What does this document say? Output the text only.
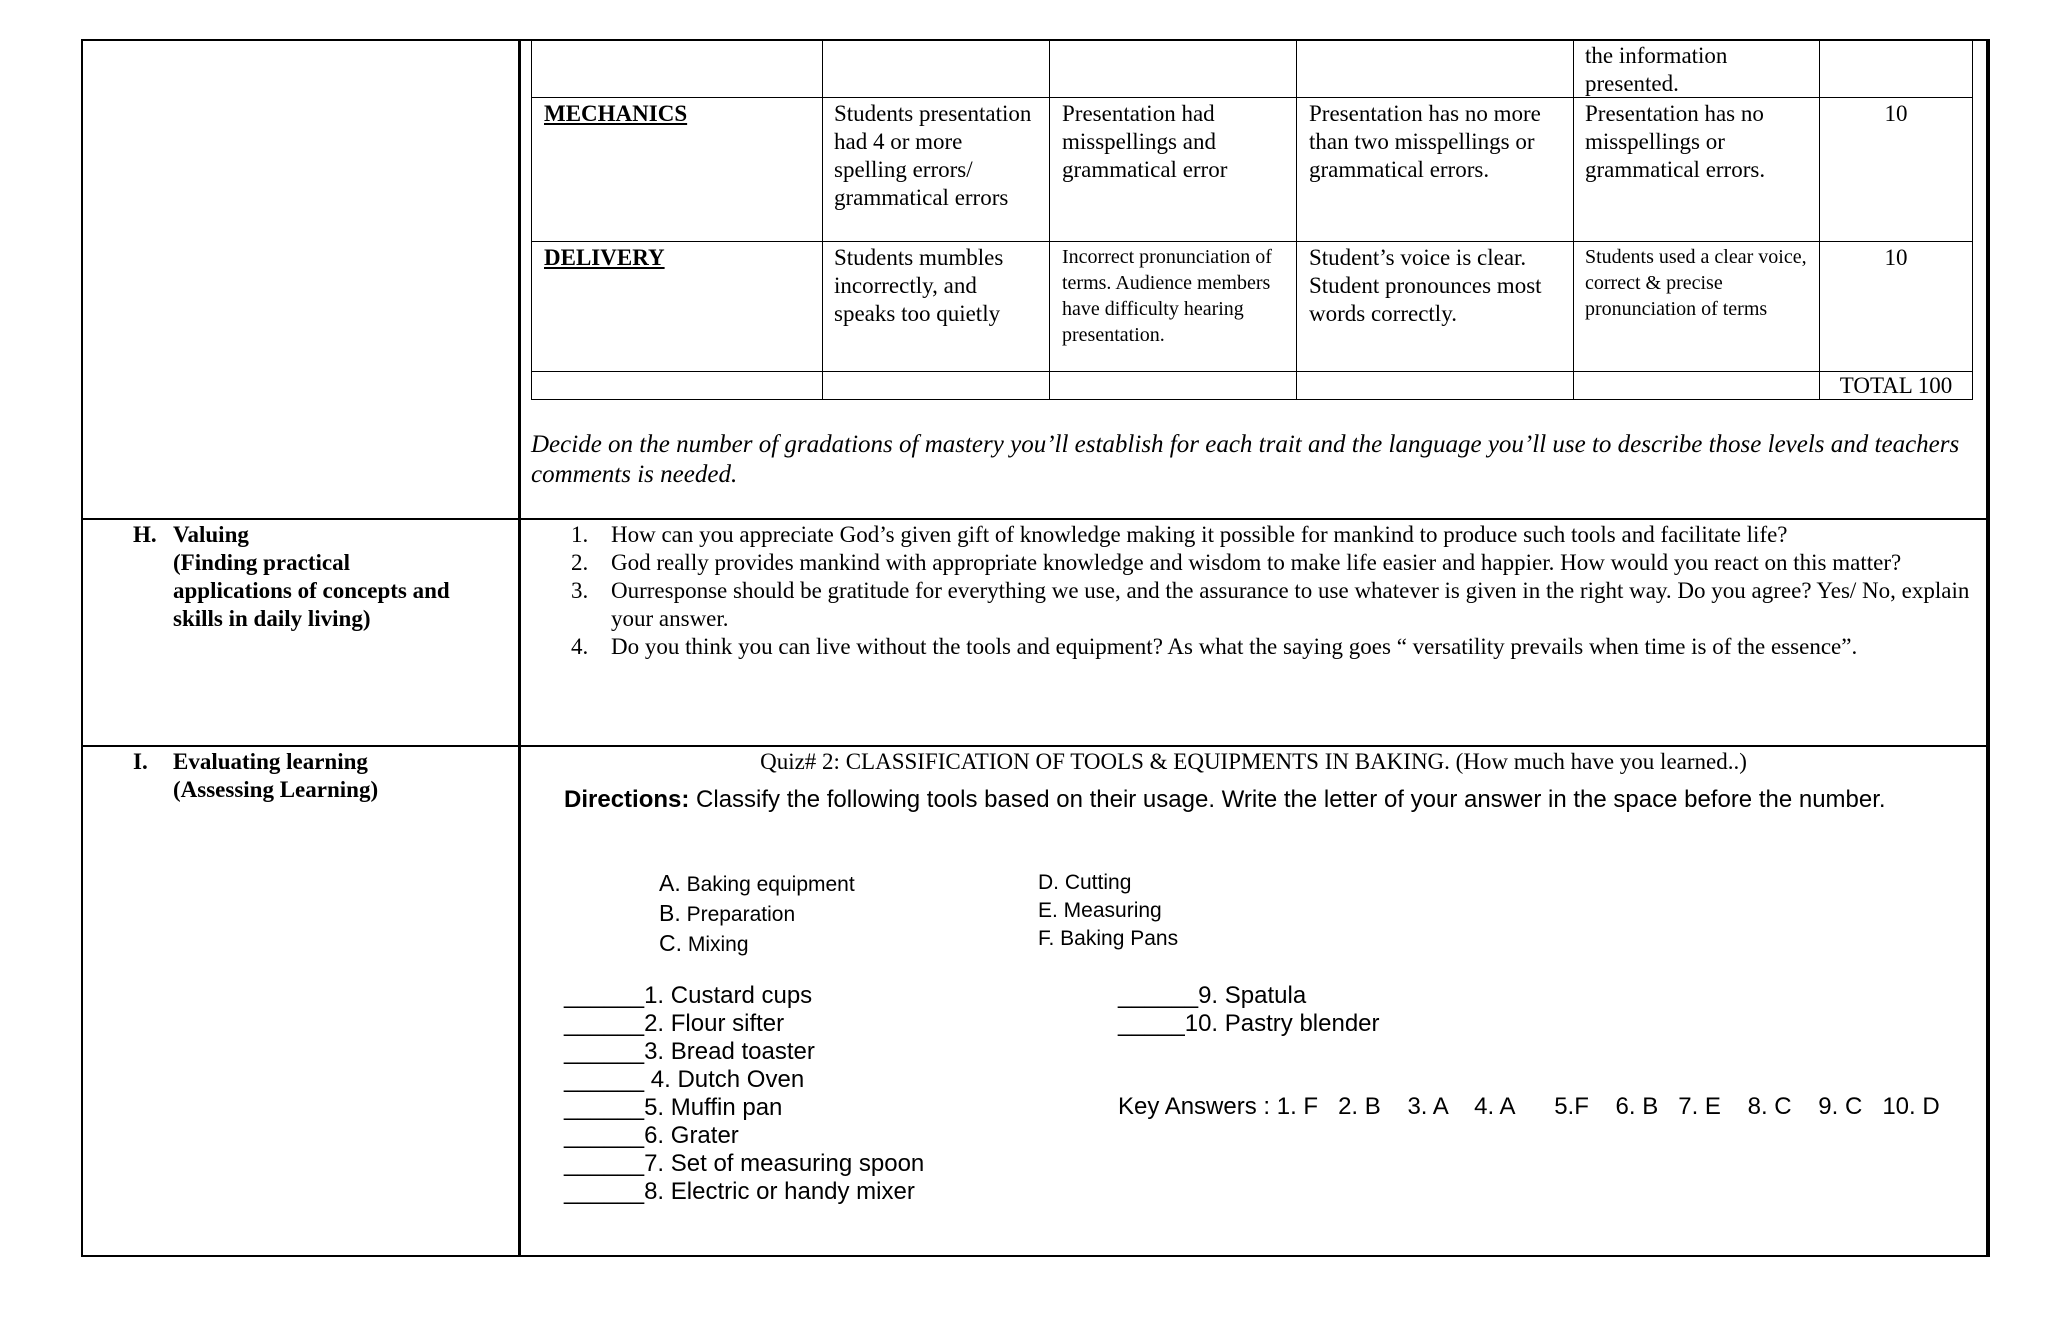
the information presented.
MECHANICS	Students presentation had 4 or more spelling errors/ grammatical errors
Presentation had misspellings and grammatical error
Presentation has no more than two misspellings or grammatical errors.
Presentation has no misspellings or grammatical errors.
10
DELIVERY	Students mumbles incorrectly, and speaks too quietly
Incorrect pronunciation of terms. Audience members have difficulty hearing presentation.
Student’s voice is clear. Student pronounces most words correctly.
Students used a clear voice, correct & precise pronunciation of terms
10
TOTAL 100
Decide on the number of gradations of mastery you’ll establish for each trait and the language you’ll use to describe those levels and teachers comments is needed.
H. Valuing
(Finding practical
applications of concepts and
skills in daily living)
1. How can you appreciate God’s given gift of knowledge making it possible for mankind to produce such tools and facilitate life?
2. God really provides mankind with appropriate knowledge and wisdom to make life easier and happier. How would you react on this matter?
3. Ourresponse should be gratitude for everything we use, and the assurance to use whatever is given in the right way. Do you agree? Yes/ No, explain your answer.
4. Do you think you can live without the tools and equipment? As what the saying goes “ versatility prevails when time is of the essence”.
I. Evaluating learning
(Assessing Learning)
Quiz# 2: CLASSIFICATION OF TOOLS & EQUIPMENTS IN BAKING. (How much have you learned..)
Directions: Classify the following tools based on their usage. Write the letter of your answer in the space before the number.
A. Baking equipment
B. Preparation
C. Mixing
D. Cutting
E. Measuring
F. Baking Pans
______1. Custard cups
______2. Flour sifter
______3. Bread toaster
______ 4. Dutch Oven
______5. Muffin pan
______6. Grater
______7. Set of measuring spoon
______8. Electric or handy mixer
______9. Spatula
_____10. Pastry blender
Key Answers : 1. F   2. B    3. A    4. A      5.F    6. B   7. E    8. C    9. C   10. D
